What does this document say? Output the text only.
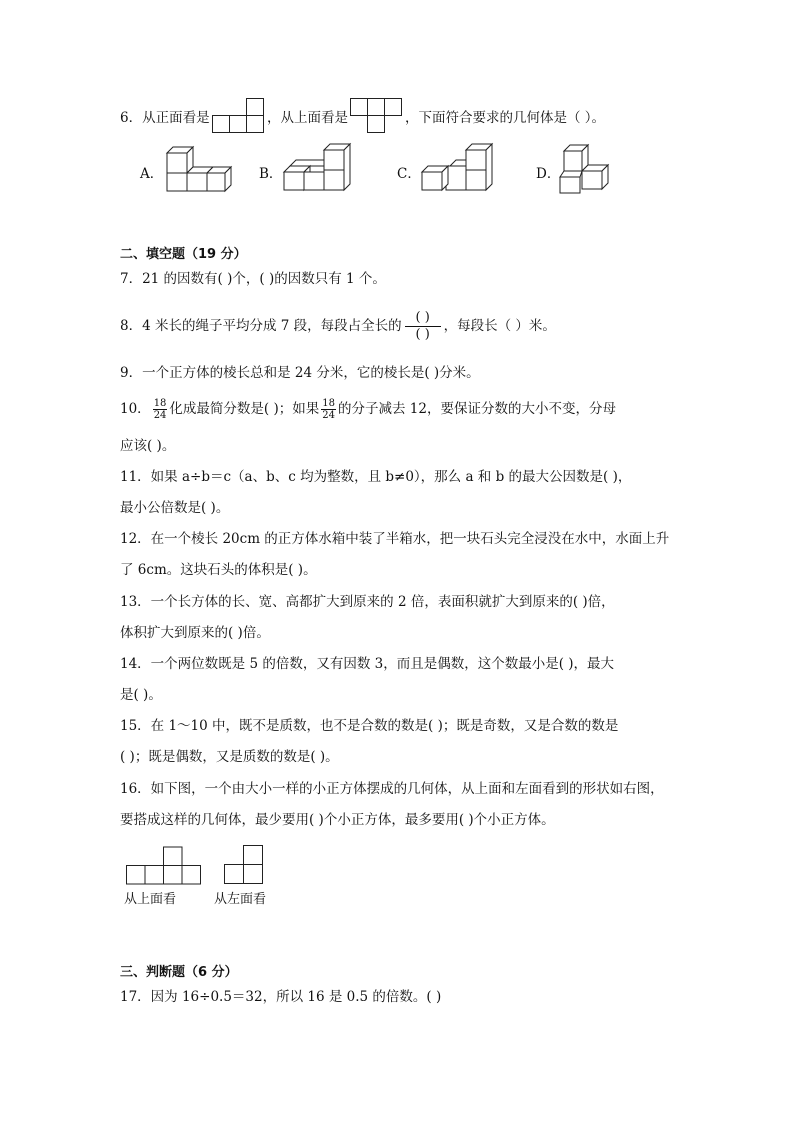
6．从正面看是	，从上面看是	，下面符合要求的几何体是（ ）。
A．	B．	C．	D．
二、填空题（19 分）
7．21 的因数有( )个，( )的因数只有 1 个。
8．4 米长的绳子平均分成 7 段，每段占全长的
( )
( )
，每段长（ ）米。
9．一个正方体的棱长总和是 24 分米，它的棱长是( )分米。
10． $\frac{18}{24}$ 化成最简分数是( )；如果 $\frac{18}{24}$ 的分子减去 12，要保证分数的大小不变，分母
应该( )。
11．如果 a÷b＝c（a、b、c 均为整数，且 b≠0），那么 a 和 b 的最大公因数是( )，
最小公倍数是( )。
12．在一个棱长 20cm 的正方体水箱中装了半箱水，把一块石头完全浸没在水中，水面上升
了 6cm。这块石头的体积是( )。
13．一个长方体的长、宽、高都扩大到原来的 2 倍，表面积就扩大到原来的( )倍，
体积扩大到原来的( )倍。
14．一个两位数既是 5 的倍数，又有因数 3，而且是偶数，这个数最小是( )，最大
是( )。
15．在 1～10 中，既不是质数，也不是合数的数是( )；既是奇数，又是合数的数是
( )；既是偶数，又是质数的数是( )。
16．如下图，一个由大小一样的小正方体摆成的几何体，从上面和左面看到的形状如右图，
要搭成这样的几何体，最少要用( )个小正方体，最多要用( )个小正方体。
从上面看	从左面看
三、判断题（6 分）
17．因为 16÷0.5＝32，所以 16 是 0.5 的倍数。( )
